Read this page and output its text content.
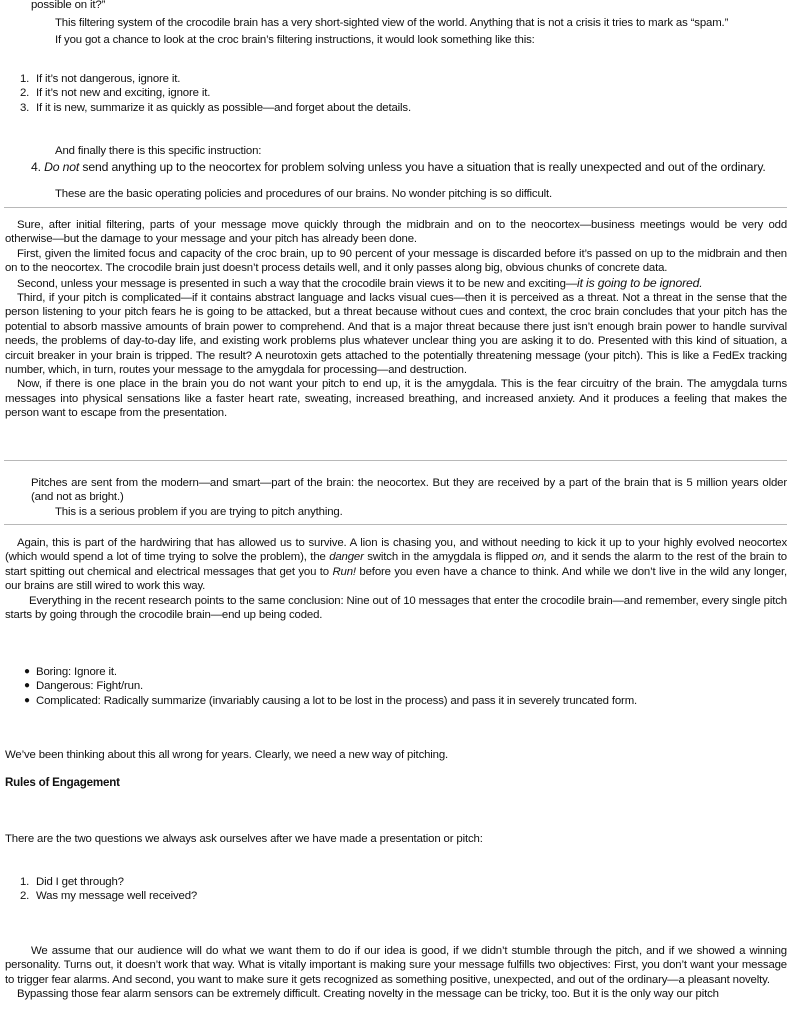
possible on it?”

This filtering system of the crocodile brain has a very short-sighted view of the world. Anything that is not a crisis it tries to mark as “spam.”

If you got a chance to look at the croc brain’s filtering instructions, it would look something like this:

1. If it’s not dangerous, ignore it.
2. If it’s not new and exciting, ignore it.
3. If it is new, summarize it as quickly as possible—and forget about the details.

And finally there is this specific instruction:

4. Do not send anything up to the neocortex for problem solving unless you have a situation that is really unexpected and out of the ordinary.

These are the basic operating policies and procedures of our brains. No wonder pitching is so difficult.

Sure, after initial filtering, parts of your message move quickly through the midbrain and on to the neocortex—business meetings would be very odd otherwise—but the damage to your message and your pitch has already been done.
First, given the limited focus and capacity of the croc brain, up to 90 percent of your message is discarded before it’s passed on up to the midbrain and then on to the neocortex. The crocodile brain just doesn’t process details well, and it only passes along big, obvious chunks of concrete data.
Second, unless your message is presented in such a way that the crocodile brain views it to be new and exciting—it is going to be ignored.
Third, if your pitch is complicated—if it contains abstract language and lacks visual cues—then it is perceived as a threat. Not a threat in the sense that the person listening to your pitch fears he is going to be attacked, but a threat because without cues and context, the croc brain concludes that your pitch has the potential to absorb massive amounts of brain power to comprehend. And that is a major threat because there just isn’t enough brain power to handle survival needs, the problems of day-to-day life, and existing work problems plus whatever unclear thing you are asking it to do. Presented with this kind of situation, a circuit breaker in your brain is tripped. The result? A neurotoxin gets attached to the potentially threatening message (your pitch). This is like a FedEx tracking number, which, in turn, routes your message to the amygdala for processing—and destruction.
Now, if there is one place in the brain you do not want your pitch to end up, it is the amygdala. This is the fear circuitry of the brain. The amygdala turns messages into physical sensations like a faster heart rate, sweating, increased breathing, and increased anxiety. And it produces a feeling that makes the person want to escape from the presentation.
Pitches are sent from the modern—and smart—part of the brain: the neocortex. But they are received by a part of the brain that is 5 million years older (and not as bright.)

This is a serious problem if you are trying to pitch anything.

Again, this is part of the hardwiring that has allowed us to survive. A lion is chasing you, and without needing to kick it up to your highly evolved neocortex (which would spend a lot of time trying to solve the problem), the danger switch in the amygdala is flipped on, and it sends the alarm to the rest of the brain to start spitting out chemical and electrical messages that get you to Run! before you even have a chance to think. And while we don’t live in the wild any longer, our brains are still wired to work this way.
Everything in the recent research points to the same conclusion: Nine out of 10 messages that enter the crocodile brain—and remember, every single pitch starts by going through the crocodile brain—end up being coded.
● Boring: Ignore it.
● Dangerous: Fight/run.
● Complicated: Radically summarize (invariably causing a lot to be lost in the process) and pass it in severely truncated form.

We’ve been thinking about this all wrong for years. Clearly, we need a new way of pitching.

Rules of Engagement

There are the two questions we always ask ourselves after we have made a presentation or pitch:

1. Did I get through?
2. Was my message well received?
We assume that our audience will do what we want them to do if our idea is good, if we didn’t stumble through the pitch, and if we showed a winning personality. Turns out, it doesn’t work that way. What is vitally important is making sure your message fulfills two objectives: First, you don’t want your message to trigger fear alarms. And second, you want to make sure it gets recognized as something positive, unexpected, and out of the ordinary—a pleasant novelty.
Bypassing those fear alarm sensors can be extremely difficult. Creating novelty in the message can be tricky, too. But it is the only way our pitch
